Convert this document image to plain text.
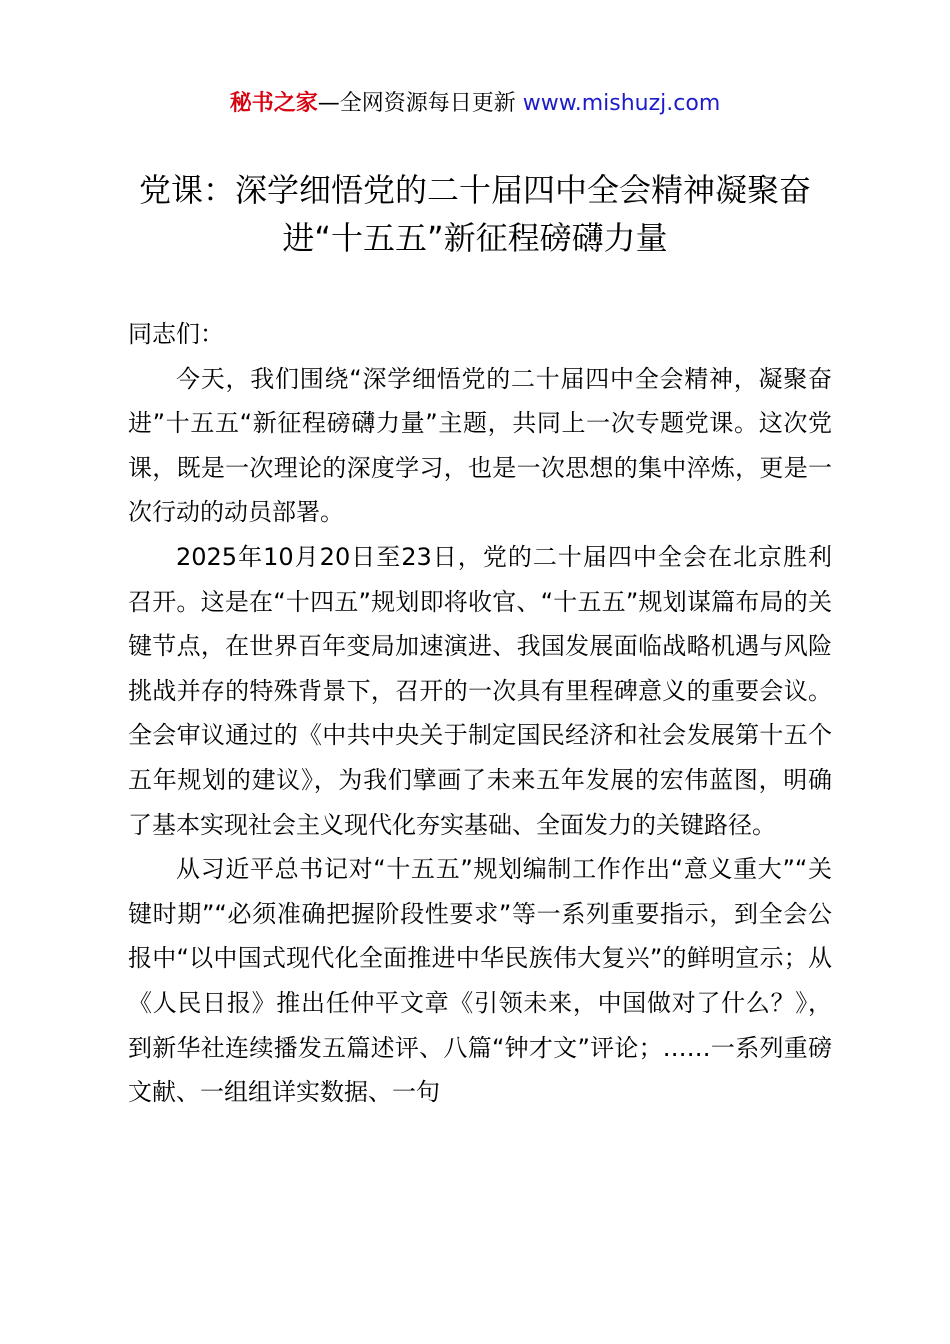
秘书之家—全网资源每日更新 www.mishuzj.com
党课：深学细悟党的二十届四中全会精神凝聚奋进“十五五”新征程磅礴力量

同志们：

今天，我们围绕“深学细悟党的二十届四中全会精神，凝聚奋进”十五五“新征程磅礴力量”主题，共同上一次专题党课。这次党课，既是一次理论的深度学习，也是一次思想的集中淬炼，更是一次行动的动员部署。

2025年10月20日至23日，党的二十届四中全会在北京胜利召开。这是在“十四五”规划即将收官、“十五五”规划谋篇布局的关键节点，在世界百年变局加速演进、我国发展面临战略机遇与风险挑战并存的特殊背景下，召开的一次具有里程碑意义的重要会议。全会审议通过的《中共中央关于制定国民经济和社会发展第十五个五年规划的建议》，为我们擘画了未来五年发展的宏伟蓝图，明确了基本实现社会主义现代化夯实基础、全面发力的关键路径。

从习近平总书记对“十五五”规划编制工作作出“意义重大”“关键时期”“必须准确把握阶段性要求”等一系列重要指示，到全会公报中“以中国式现代化全面推进中华民族伟大复兴”的鲜明宣示；从《人民日报》推出任仲平文章《引领未来，中国做对了什么？》，到新华社连续播发五篇述评、八篇“钟才文”评论；……一系列重磅文献、一组组详实数据、一句
